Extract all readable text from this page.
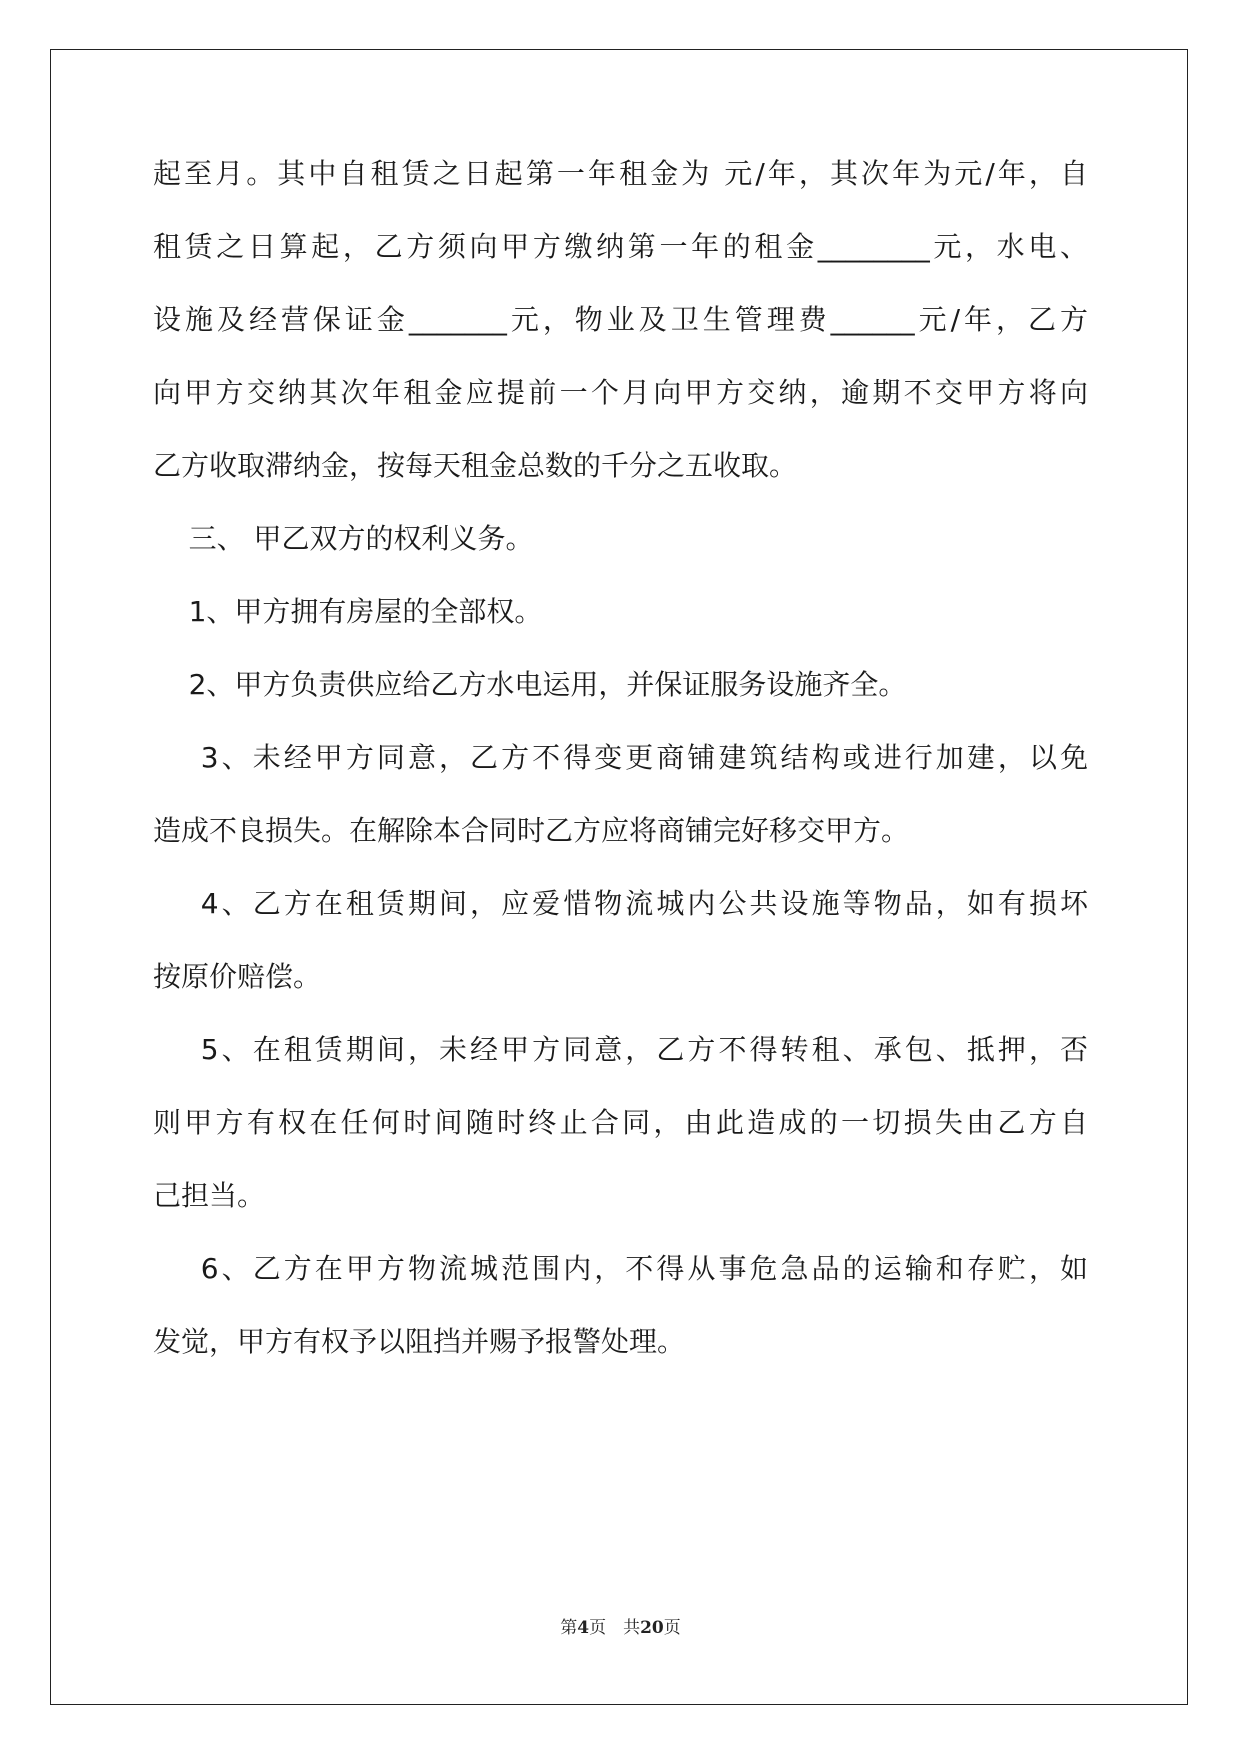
起至月。其中自租赁之日起第一年租金为 元/年，其次年为元/年，自
租赁之日算起，乙方须向甲方缴纳第一年的租金________元，水电、
设施及经营保证金_______元，物业及卫生管理费______元/年，乙方
向甲方交纳其次年租金应提前一个月向甲方交纳，逾期不交甲方将向
乙方收取滞纳金，按每天租金总数的千分之五收取。
三、 甲乙双方的权利义务。
1、甲方拥有房屋的全部权。
2、甲方负责供应给乙方水电运用，并保证服务设施齐全。
3、未经甲方同意，乙方不得变更商铺建筑结构或进行加建，以免
造成不良损失。在解除本合同时乙方应将商铺完好移交甲方。
4、乙方在租赁期间，应爱惜物流城内公共设施等物品，如有损坏
按原价赔偿。
5、在租赁期间，未经甲方同意，乙方不得转租、承包、抵押，否
则甲方有权在任何时间随时终止合同，由此造成的一切损失由乙方自
己担当。
6、乙方在甲方物流城范围内，不得从事危急品的运输和存贮，如
发觉，甲方有权予以阻挡并赐予报警处理。
第4页　共20页
